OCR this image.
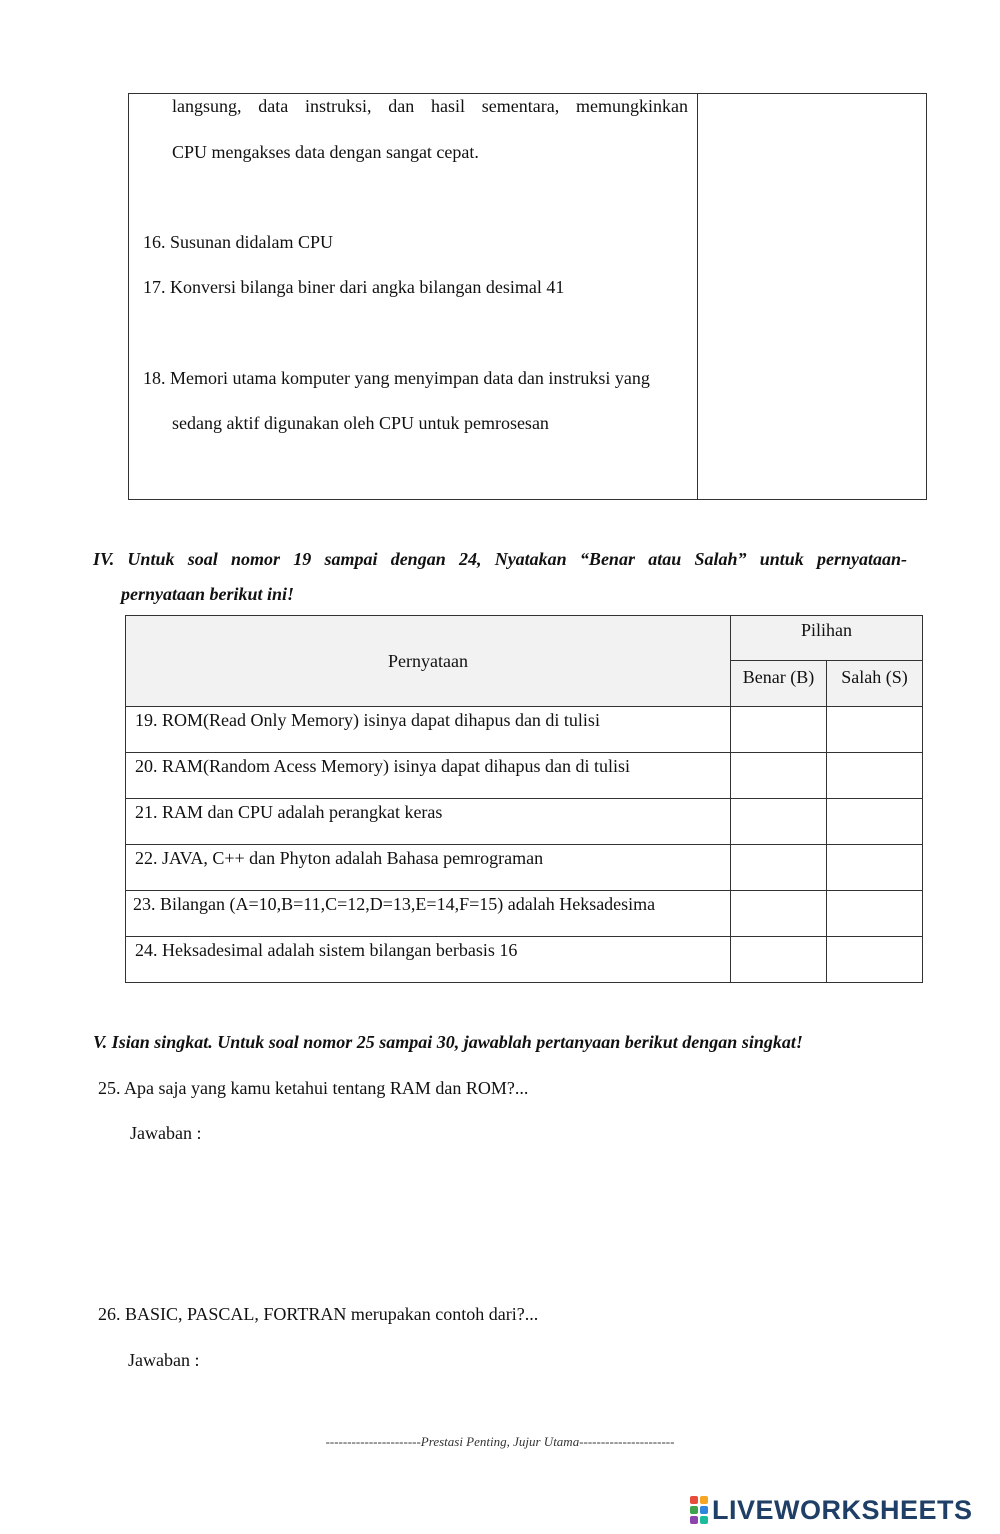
langsung, data instruksi, dan hasil sementara, memungkinkan
CPU mengakses data dengan sangat cepat.
16. Susunan didalam CPU
17. Konversi bilanga biner dari angka bilangan desimal 41
18. Memori utama komputer yang menyimpan data dan instruksi yang
sedang aktif digunakan oleh CPU untuk pemrosesan
IV. Untuk soal nomor 19 sampai dengan 24, Nyatakan “Benar atau Salah” untuk pernyataan-
pernyataan berikut ini!
Pernyataan	Pilihan	
	Benar (B)	Salah (S)
19. ROM(Read Only Memory) isinya dapat dihapus dan di tulisi		
20. RAM(Random Acess Memory) isinya dapat dihapus dan di tulisi		
21. RAM dan CPU adalah perangkat keras		
22. JAVA, C++ dan Phyton adalah Bahasa pemrograman		
23. Bilangan (A=10,B=11,C=12,D=13,E=14,F=15) adalah Heksadesima		
24. Heksadesimal adalah sistem bilangan berbasis 16		
V. Isian singkat. Untuk soal nomor 25 sampai 30, jawablah pertanyaan berikut dengan singkat!
25. Apa saja yang kamu ketahui tentang RAM dan ROM?...
Jawaban :
26. BASIC, PASCAL, FORTRAN merupakan contoh dari?...
Jawaban :
----------------------Prestasi Penting, Jujur Utama----------------------
LIVEWORKSHEETS
